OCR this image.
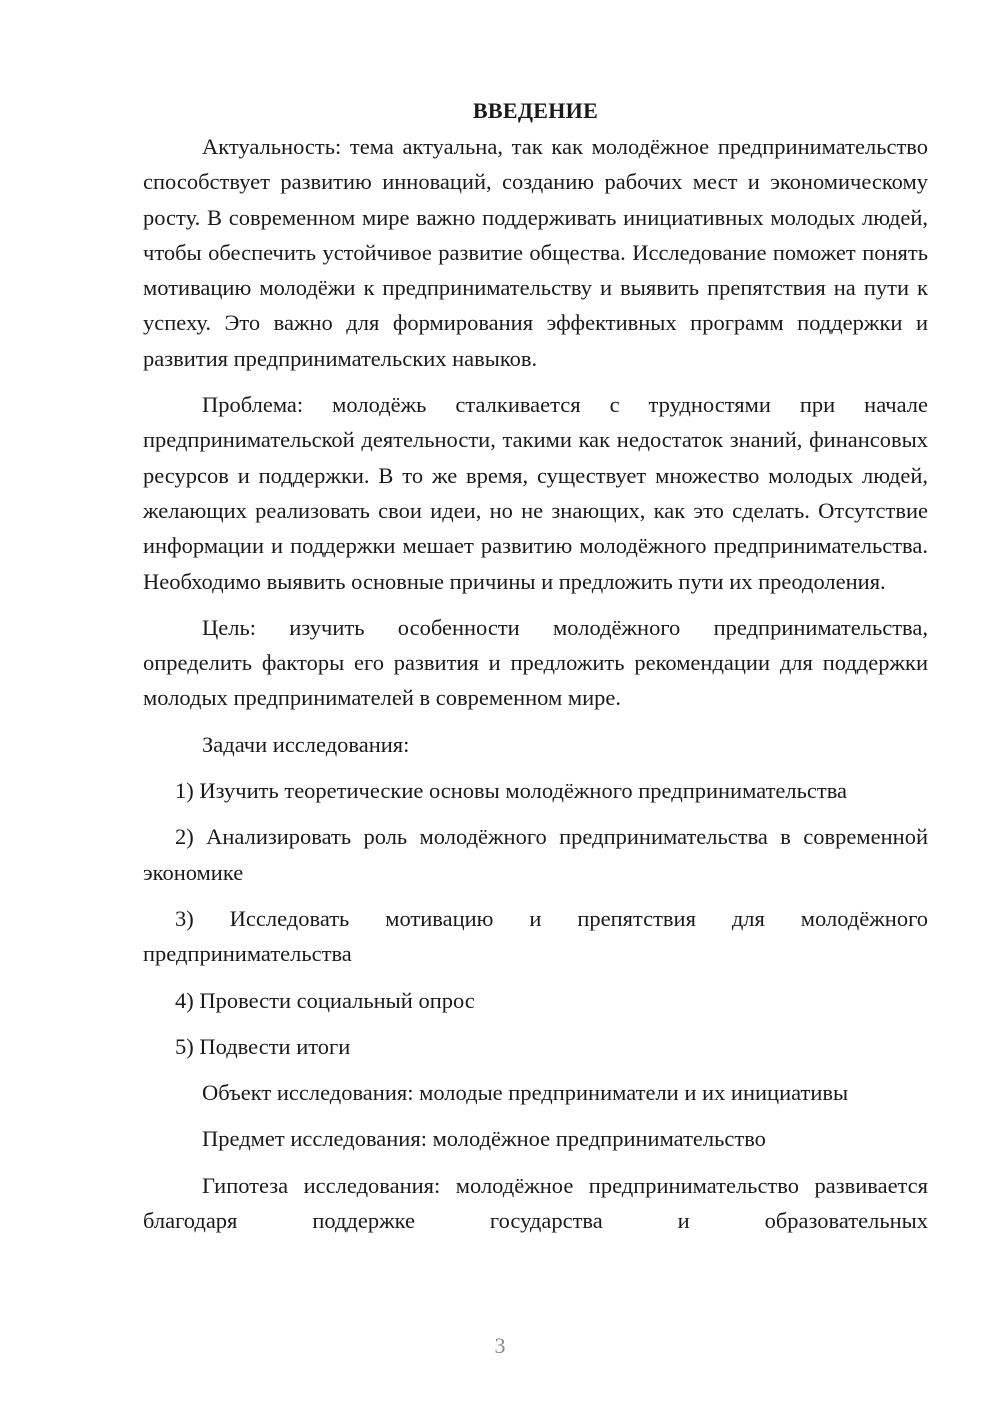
ВВЕДЕНИЕ

Актуальность: тема актуальна, так как молодёжное предпринимательство способствует развитию инноваций, созданию рабочих мест и экономическому росту. В современном мире важно поддерживать инициативных молодых людей, чтобы обеспечить устойчивое развитие общества. Исследование поможет понять мотивацию молодёжи к предпринимательству и выявить препятствия на пути к успеху. Это важно для формирования эффективных программ поддержки и развития предпринимательских навыков.

Проблема: молодёжь сталкивается с трудностями при начале предпринимательской деятельности, такими как недостаток знаний, финансовых ресурсов и поддержки. В то же время, существует множество молодых людей, желающих реализовать свои идеи, но не знающих, как это сделать. Отсутствие информации и поддержки мешает развитию молодёжного предпринимательства. Необходимо выявить основные причины и предложить пути их преодоления.

Цель: изучить особенности молодёжного предпринимательства, определить факторы его развития и предложить рекомендации для поддержки молодых предпринимателей в современном мире.

Задачи исследования:

1) Изучить теоретические основы молодёжного предпринимательства

2) Анализировать роль молодёжного предпринимательства в современной экономике

3) Исследовать мотивацию и препятствия для молодёжного предпринимательства

4) Провести социальный опрос

5) Подвести итоги

Объект исследования: молодые предприниматели и их инициативы

Предмет исследования: молодёжное предпринимательство

Гипотеза исследования: молодёжное предпринимательство развивается благодаря поддержке государства и образовательных

3
